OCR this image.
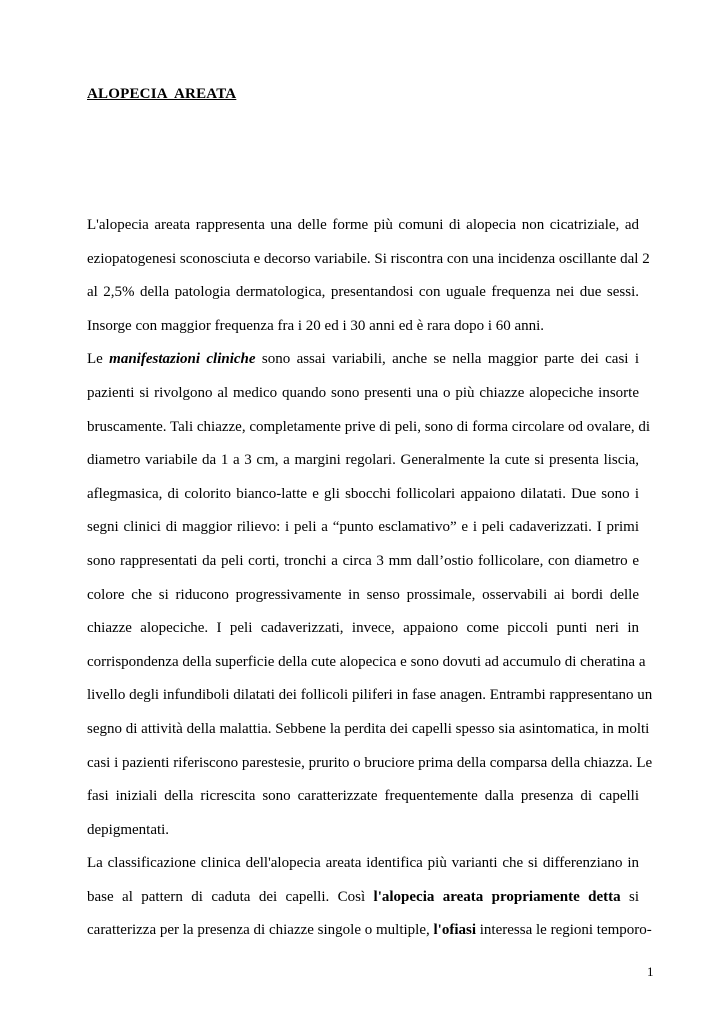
ALOPECIA  AREATA
L'alopecia areata rappresenta una delle forme più comuni di alopecia non cicatriziale, ad
eziopatogenesi sconosciuta e decorso variabile. Si riscontra con una incidenza oscillante dal 2
al 2,5% della patologia dermatologica, presentandosi con uguale frequenza nei due sessi.
Insorge con maggior frequenza fra i 20 ed i 30 anni ed è rara dopo i 60 anni.
Le manifestazioni cliniche sono assai variabili, anche se nella maggior parte dei casi i
pazienti si rivolgono al medico quando sono presenti una o più chiazze alopeciche insorte
bruscamente. Tali chiazze, completamente prive di peli, sono di forma circolare od ovalare, di
diametro variabile da 1 a 3 cm, a margini regolari. Generalmente la cute si presenta liscia,
aflegmasica, di colorito bianco-latte e gli sbocchi follicolari appaiono dilatati. Due sono i
segni clinici di maggior rilievo: i peli a “punto esclamativo” e i peli cadaverizzati. I primi
sono rappresentati da peli corti, tronchi a circa 3 mm dall’ostio follicolare, con diametro e
colore che si riducono progressivamente in senso prossimale, osservabili ai bordi delle
chiazze alopeciche. I peli cadaverizzati, invece, appaiono come piccoli punti neri in
corrispondenza della superficie della cute alopecica e sono dovuti ad accumulo di cheratina a
livello degli infundiboli dilatati dei follicoli piliferi in fase anagen. Entrambi rappresentano un
segno di attività della malattia. Sebbene la perdita dei capelli spesso sia asintomatica, in molti
casi i pazienti riferiscono parestesie, prurito o bruciore prima della comparsa della chiazza. Le
fasi iniziali della ricrescita sono caratterizzate frequentemente dalla presenza di capelli
depigmentati.
La classificazione clinica dell'alopecia areata identifica più varianti che si differenziano in
base al pattern di caduta dei capelli. Così l'alopecia areata propriamente detta si
caratterizza per la presenza di chiazze singole o multiple, l'ofiasi interessa le regioni temporo-
1
